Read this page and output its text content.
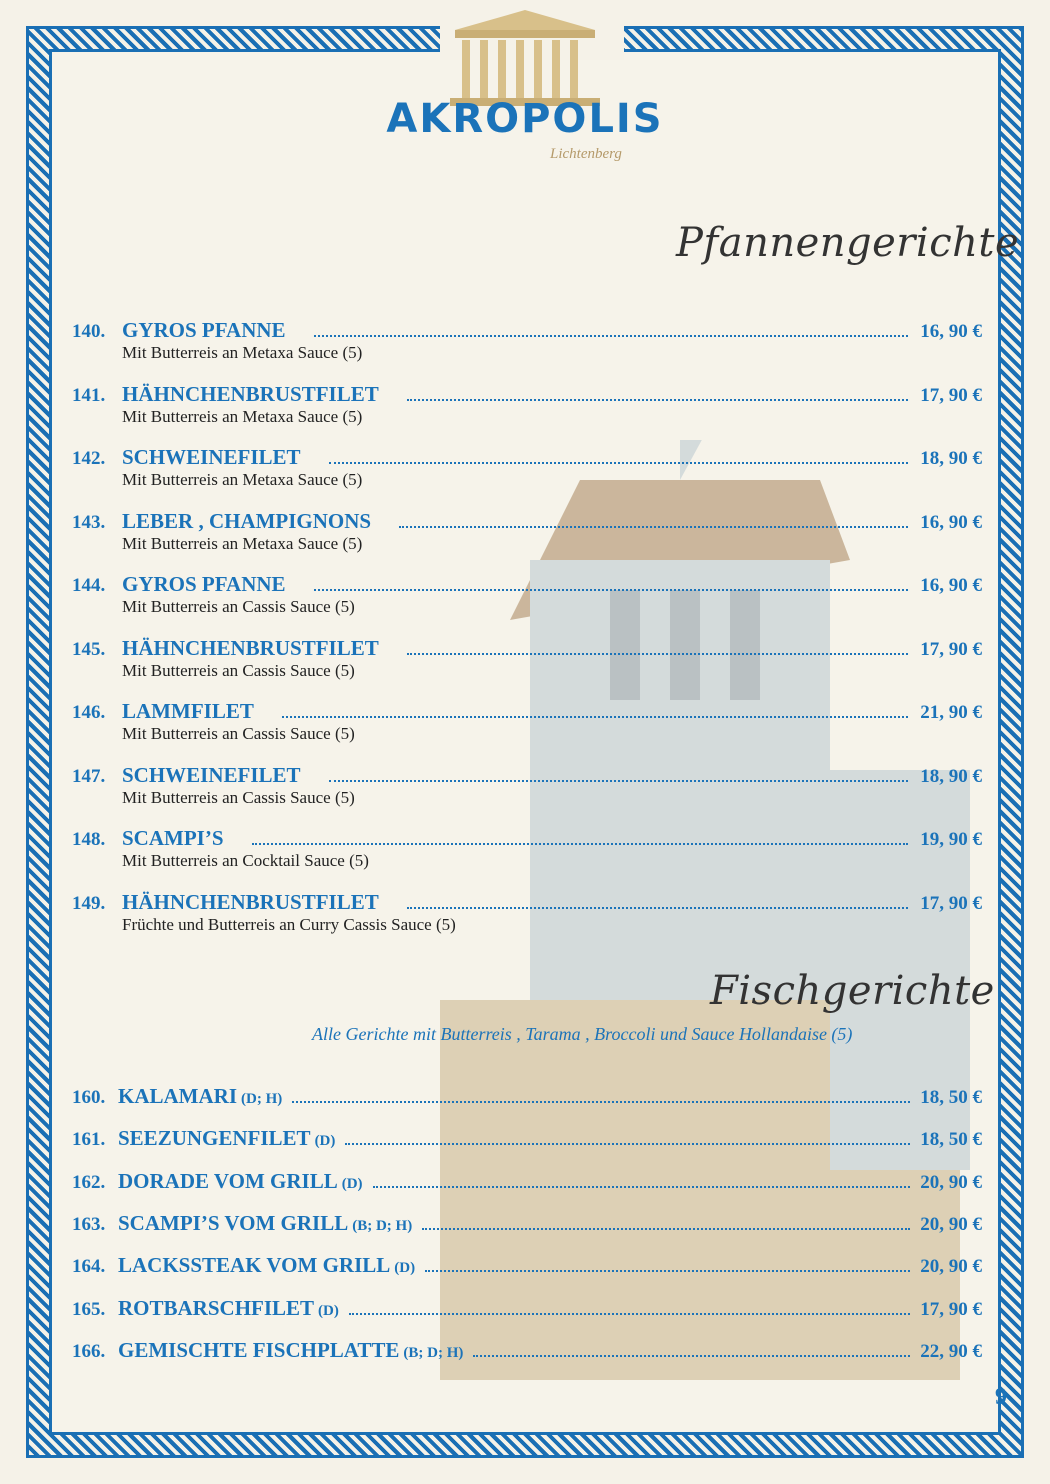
AKROPOLIS
Lichtenberg
Pfannengerichte
140. GYROS PFANNE	16, 90 €
Mit Butterreis an Metaxa Sauce (5)
141. HÄHNCHENBRUSTFILET	17, 90 €
Mit Butterreis an Metaxa Sauce (5)
142. SCHWEINEFILET	18, 90 €
Mit Butterreis an Metaxa Sauce (5)
143. LEBER , CHAMPIGNONS	16, 90 €
Mit Butterreis an Metaxa Sauce (5)
144. GYROS PFANNE	16, 90 €
Mit Butterreis an Cassis Sauce (5)
145. HÄHNCHENBRUSTFILET	17, 90 €
Mit Butterreis an Cassis Sauce (5)
146. LAMMFILET	21, 90 €
Mit Butterreis an Cassis Sauce (5)
147. SCHWEINEFILET	18, 90 €
Mit Butterreis an Cassis Sauce (5)
148. SCAMPI’S	19, 90 €
Mit Butterreis an Cocktail Sauce (5)
149. HÄHNCHENBRUSTFILET	17, 90 €
Früchte und Butterreis an Curry Cassis Sauce (5)
Fischgerichte
Alle Gerichte mit Butterreis , Tarama , Broccoli und Sauce Hollandaise (5)
160. KALAMARI (D; H)	18, 50 €
161. SEEZUNGENFILET (D)	18, 50 €
162. DORADE VOM GRILL (D)	20, 90 €
163. SCAMPI’S VOM GRILL (B; D; H)	20, 90 €
164. LACKSSTEAK VOM GRILL (D)	20, 90 €
165. ROTBARSCHFILET (D)	17, 90 €
166. GEMISCHTE FISCHPLATTE (B; D; H)	22, 90 €
9
